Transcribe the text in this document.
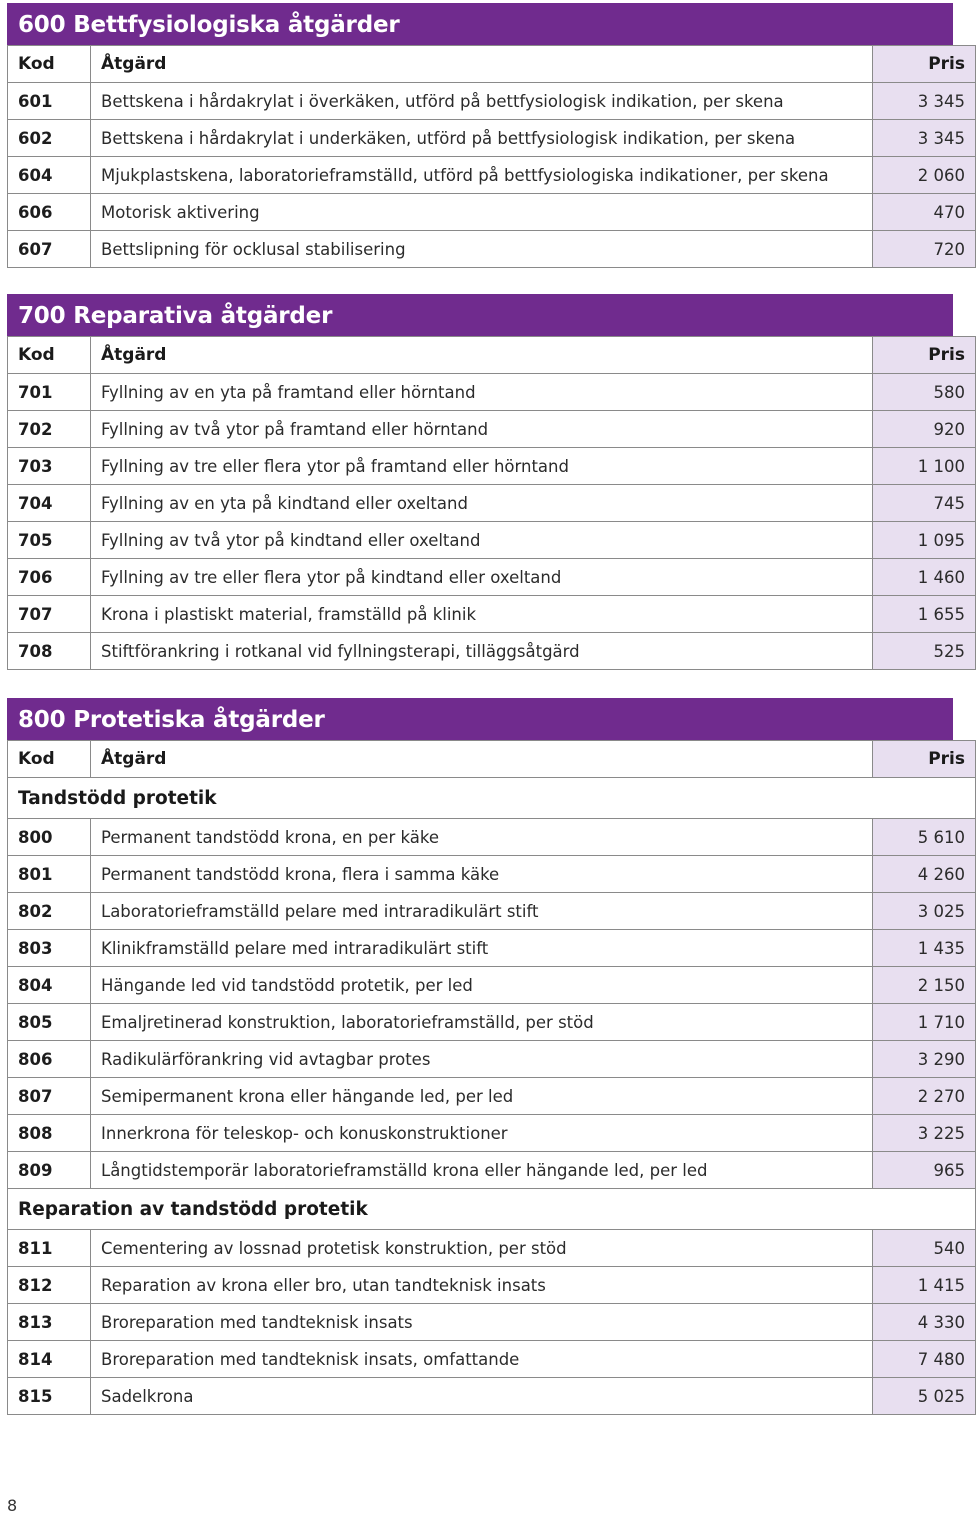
600 Bettfysiologiska åtgärder
Kod	Åtgärd	Pris
601	Bettskena i hårdakrylat i överkäken, utförd på bettfysiologisk indikation, per skena	3 345
602	Bettskena i hårdakrylat i underkäken, utförd på bettfysiologisk indikation, per skena	3 345
604	Mjukplastskena, laboratorieframställd, utförd på bettfysiologiska indikationer, per skena	2 060
606	Motorisk aktivering	470
607	Bettslipning för ocklusal stabilisering	720
700 Reparativa åtgärder
Kod	Åtgärd	Pris
701	Fyllning av en yta på framtand eller hörntand	580
702	Fyllning av två ytor på framtand eller hörntand	920
703	Fyllning av tre eller flera ytor på framtand eller hörntand	1 100
704	Fyllning av en yta på kindtand eller oxeltand	745
705	Fyllning av två ytor på kindtand eller oxeltand	1 095
706	Fyllning av tre eller flera ytor på kindtand eller oxeltand	1 460
707	Krona i plastiskt material, framställd på klinik	1 655
708	Stiftförankring i rotkanal vid fyllningsterapi, tilläggsåtgärd	525
800 Protetiska åtgärder
Kod	Åtgärd	Pris
Tandstödd protetik		
800	Permanent tandstödd krona, en per käke	5 610
801	Permanent tandstödd krona, flera i samma käke	4 260
802	Laboratorieframställd pelare med intraradikulärt stift	3 025
803	Klinikframställd pelare med intraradikulärt stift	1 435
804	Hängande led vid tandstödd protetik, per led	2 150
805	Emaljretinerad konstruktion, laboratorieframställd, per stöd	1 710
806	Radikulärförankring vid avtagbar protes	3 290
807	Semipermanent krona eller hängande led, per led	2 270
808	Innerkrona för teleskop- och konuskonstruktioner	3 225
809	Långtidstemporär laboratorieframställd krona eller hängande led, per led	965
Reparation av tandstödd protetik		
811	Cementering av lossnad protetisk konstruktion, per stöd	540
812	Reparation av krona eller bro, utan tandteknisk insats	1 415
813	Broreparation med tandteknisk insats	4 330
814	Broreparation med tandteknisk insats, omfattande	7 480
815	Sadelkrona	5 025
8
